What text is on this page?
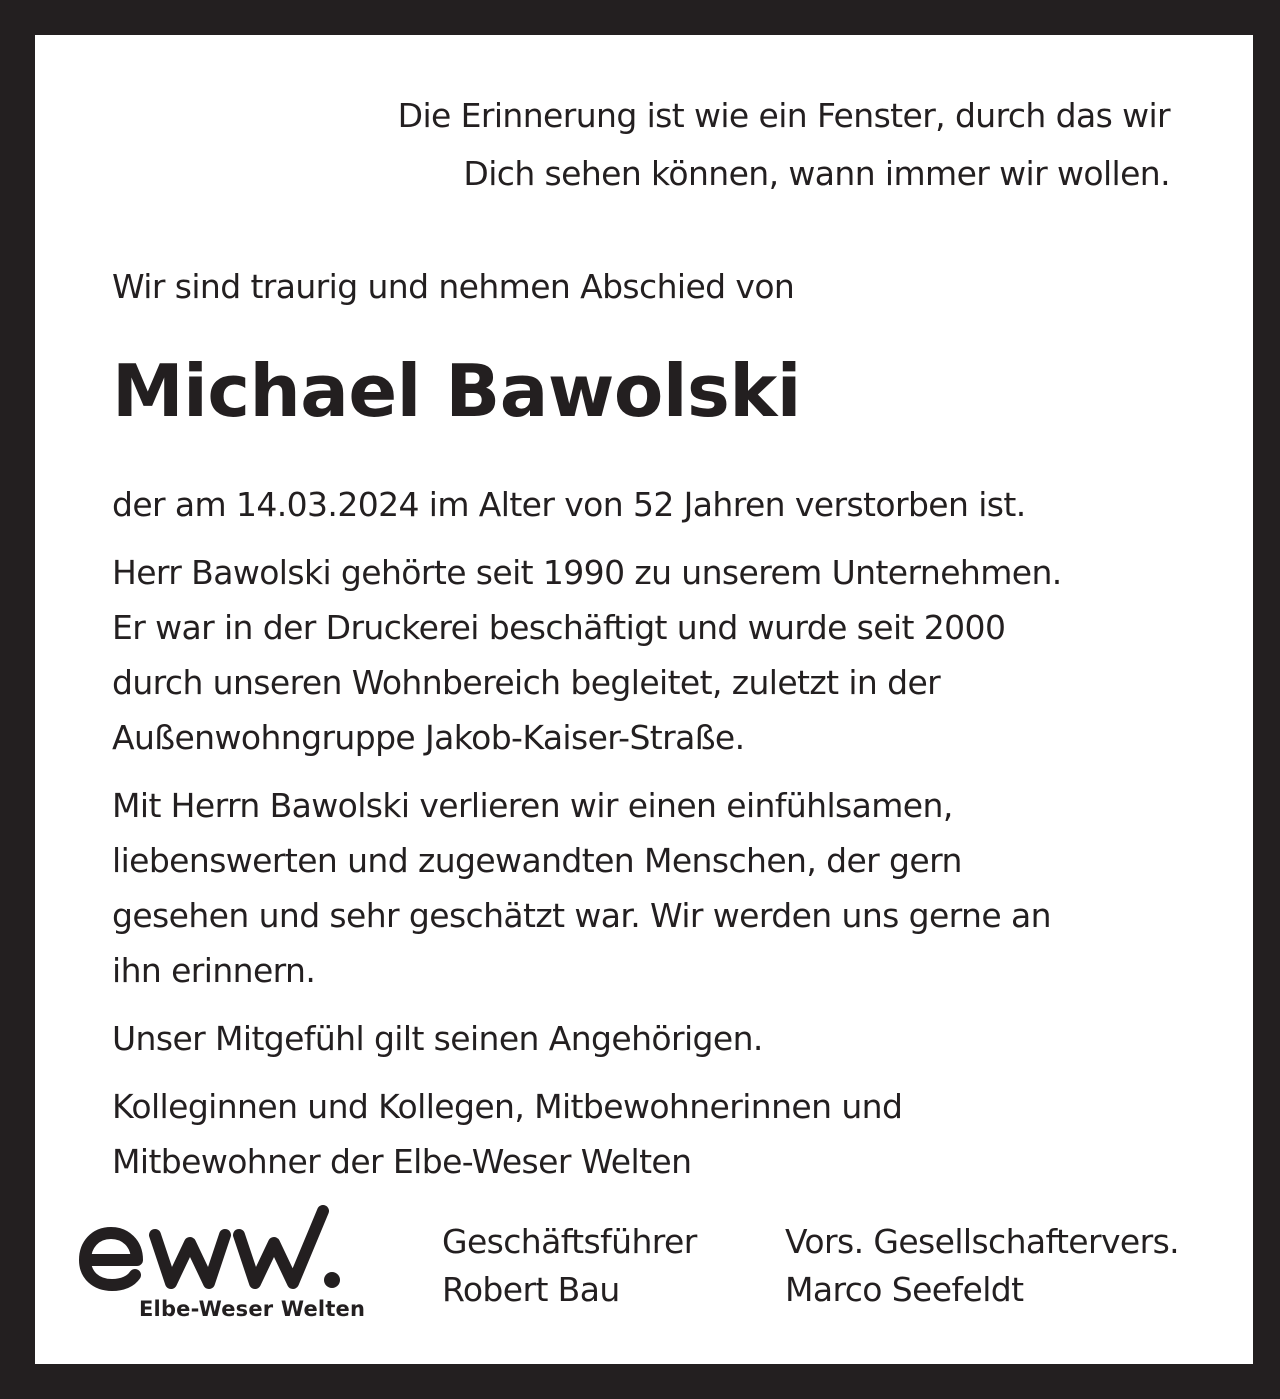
Die Erinnerung ist wie ein Fenster, durch das wir
Dich sehen können, wann immer wir wollen.
Wir sind traurig und nehmen Abschied von
Michael Bawolski

der am 14.03.2024 im Alter von 52 Jahren verstorben ist.

Herr Bawolski gehörte seit 1990 zu unserem Unternehmen.
Er war in der Druckerei beschäftigt und wurde seit 2000
durch unseren Wohnbereich begleitet, zuletzt in der
Außenwohngruppe Jakob-Kaiser-Straße.

Mit Herrn Bawolski verlieren wir einen einfühlsamen,
liebenswerten und zugewandten Menschen, der gern
gesehen und sehr geschätzt war. Wir werden uns gerne an
ihn erinnern.

Unser Mitgefühl gilt seinen Angehörigen.

Kolleginnen und Kollegen, Mitbewohnerinnen und
Mitbewohner der Elbe-Weser Welten

Elbe-Weser Welten
Geschäftsführer
Robert Bau
Vors. Gesellschaftervers.
Marco Seefeldt
